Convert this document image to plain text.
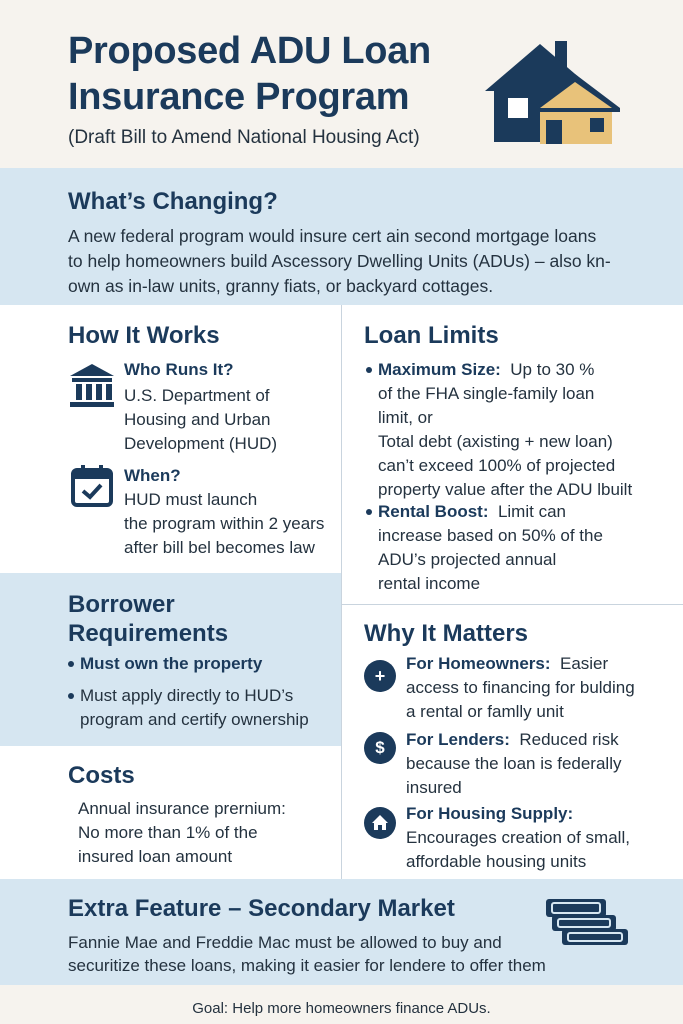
Proposed ADU Loan
Insurance Program
(Draft Bill to Amend National Housing Act)
What’s Changing?
A new federal program would insure cert ain second mortgage loans
to help homeowners build Ascessory Dwelling Units (ADUs) – also kn-
own as in-law units, granny fiats, or backyard cottages.
How It Works
Who Runs It?
U.S. Department of
Housing and Urban
Development (HUD)
When?
HUD must launch
the program within 2 years
after bill bel becomes law
Loan Limits
Maximum Size: Up to 30 %
of the FHA single-family loan
limit, or
Total debt (axisting + new loan)
can’t exceed 100% of projected
property value after the ADU lbuilt
Rental Boost: Limit can
increase based on 50% of the
ADU’s projected annual
rental income
Borrower
Requirements
Must own the property
Must apply directly to HUD’s
program and certify ownership
Why It Matters
+
For Homeowners: Easier
access to financing for bulding
a rental or famlly unit
$	For Lenders: Reduced risk
because the loan is federally
insured
For Housing Supply:
Encourages creation of small,
affordable housing units
Costs
Annual insurance prernium:
No more than 1% of the
insured loan amount
Extra Feature – Secondary Market
Fannie Mae and Freddie Mac must be allowed to buy and
securitize these loans, making it easier for lendere to offer them
Goal: Help more homeowners finance ADUs.
